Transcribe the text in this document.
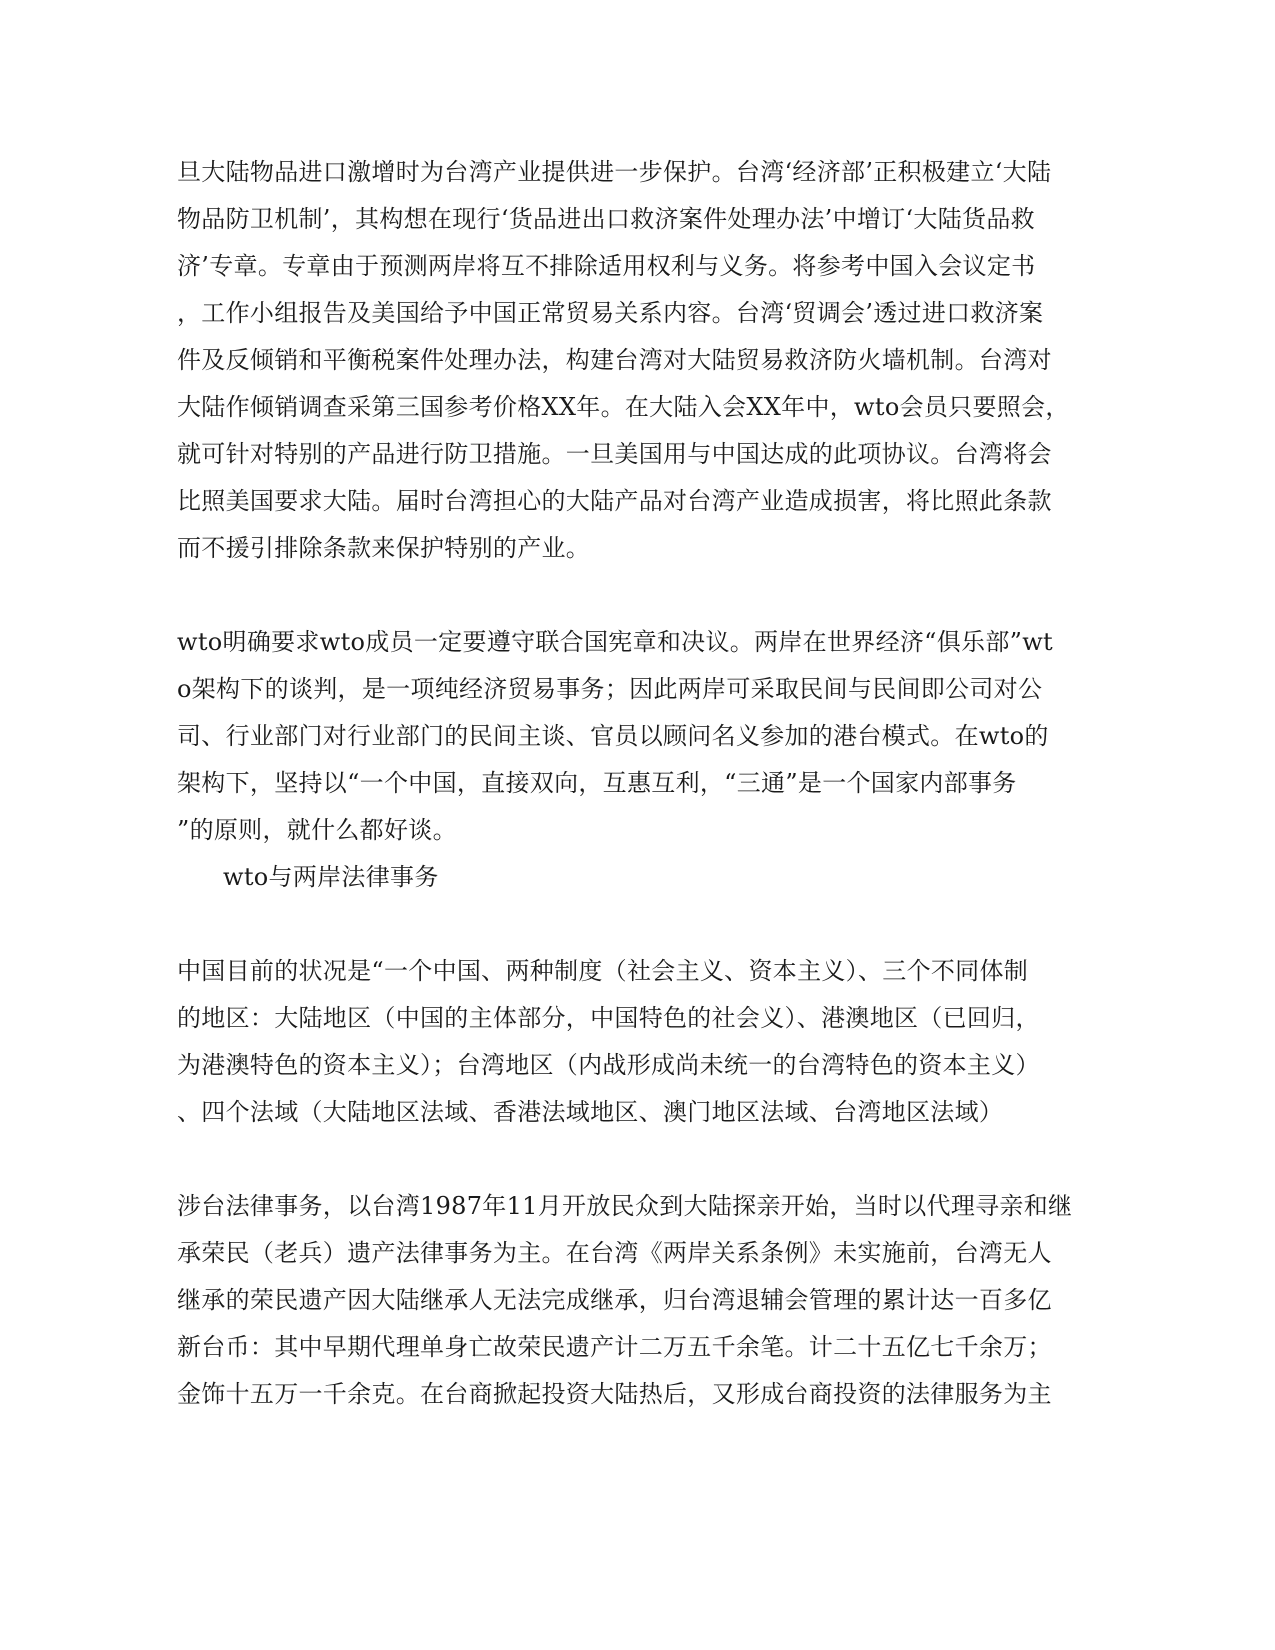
旦大陆物品进口激增时为台湾产业提供进一步保护。台湾‘经济部’正积极建立‘大陆
物品防卫机制’，其构想在现行‘货品进出口救济案件处理办法’中增订‘大陆货品救
济’专章。专章由于预测两岸将互不排除适用权利与义务。将参考中国入会议定书
，工作小组报告及美国给予中国正常贸易关系内容。台湾‘贸调会’透过进口救济案
件及反倾销和平衡税案件处理办法，构建台湾对大陆贸易救济防火墙机制。台湾对
大陆作倾销调查采第三国参考价格XX年。在大陆入会XX年中，wto会员只要照会，
就可针对特别的产品进行防卫措施。一旦美国用与中国达成的此项协议。台湾将会
比照美国要求大陆。届时台湾担心的大陆产品对台湾产业造成损害，将比照此条款
而不援引排除条款来保护特别的产业。
wto明确要求wto成员一定要遵守联合国宪章和决议。两岸在世界经济“俱乐部”wt
o架构下的谈判，是一项纯经济贸易事务；因此两岸可采取民间与民间即公司对公
司、行业部门对行业部门的民间主谈、官员以顾问名义参加的港台模式。在wto的
架构下，坚持以“一个中国，直接双向，互惠互利，“三通”是一个国家内部事务
”的原则，就什么都好谈。
wto与两岸法律事务
中国目前的状况是“一个中国、两种制度（社会主义、资本主义）、三个不同体制
的地区：大陆地区（中国的主体部分，中国特色的社会义）、港澳地区（已回归，
为港澳特色的资本主义）；台湾地区（内战形成尚未统一的台湾特色的资本主义）
、四个法域（大陆地区法域、香港法域地区、澳门地区法域、台湾地区法域）
涉台法律事务，以台湾1987年11月开放民众到大陆探亲开始，当时以代理寻亲和继
承荣民（老兵）遗产法律事务为主。在台湾《两岸关系条例》未实施前，台湾无人
继承的荣民遗产因大陆继承人无法完成继承，归台湾退辅会管理的累计达一百多亿
新台币：其中早期代理单身亡故荣民遗产计二万五千余笔。计二十五亿七千余万；
金饰十五万一千余克。在台商掀起投资大陆热后，又形成台商投资的法律服务为主
